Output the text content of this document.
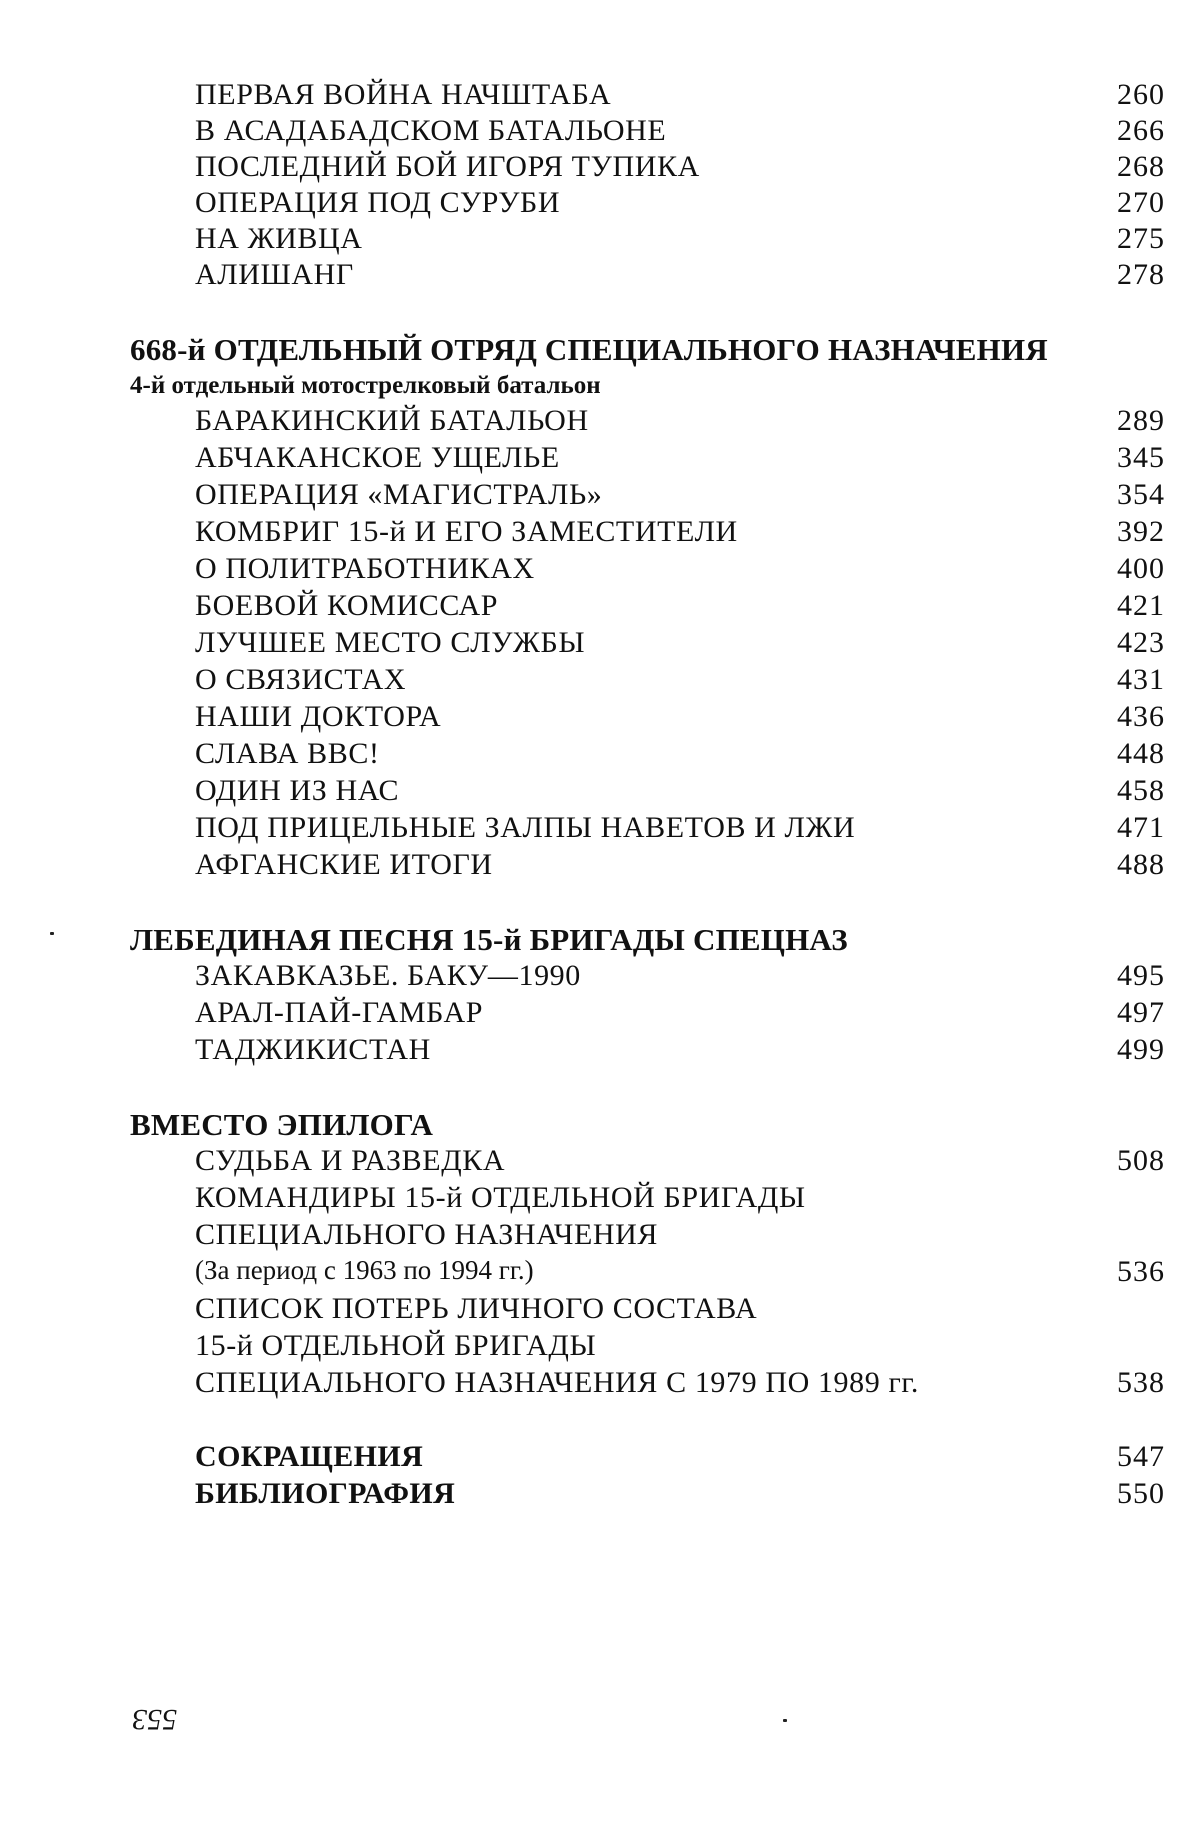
ПЕРВАЯ ВОЙНА НАЧШТАБА	260
В АСАДАБАДСКОМ БАТАЛЬОНЕ	266
ПОСЛЕДНИЙ БОЙ ИГОРЯ ТУПИКА	268
ОПЕРАЦИЯ ПОД СУРУБИ	270
НА ЖИВЦА	275
АЛИШАНГ	278
668-й ОТДЕЛЬНЫЙ ОТРЯД СПЕЦИАЛЬНОГО НАЗНАЧЕНИЯ
4-й отдельный мотострелковый батальон
БАРАКИНСКИЙ БАТАЛЬОН	289
АБЧАКАНСКОЕ УЩЕЛЬЕ	345
ОПЕРАЦИЯ «МАГИСТРАЛЬ»	354
КОМБРИГ 15-й И ЕГО ЗАМЕСТИТЕЛИ	392
О ПОЛИТРАБОТНИКАХ	400
БОЕВОЙ КОМИССАР	421
ЛУЧШЕЕ МЕСТО СЛУЖБЫ	423
О СВЯЗИСТАХ	431
НАШИ ДОКТОРА	436
СЛАВА ВВС!	448
ОДИН ИЗ НАС	458
ПОД ПРИЦЕЛЬНЫЕ ЗАЛПЫ НАВЕТОВ И ЛЖИ	471
АФГАНСКИЕ ИТОГИ	488
ЛЕБЕДИНАЯ ПЕСНЯ 15-й БРИГАДЫ СПЕЦНАЗ
ЗАКАВКАЗЬЕ. БАКУ—1990	495
АРАЛ-ПАЙ-ГАМБАР	497
ТАДЖИКИСТАН	499
ВМЕСТО ЭПИЛОГА
СУДЬБА И РАЗВЕДКА	508
КОМАНДИРЫ 15-й ОТДЕЛЬНОЙ БРИГАДЫ
СПЕЦИАЛЬНОГО НАЗНАЧЕНИЯ
(За период с 1963 по 1994 гг.)	536
СПИСОК ПОТЕРЬ ЛИЧНОГО СОСТАВА
15-й ОТДЕЛЬНОЙ БРИГАДЫ
СПЕЦИАЛЬНОГО НАЗНАЧЕНИЯ С 1979 ПО 1989 гг.	538
СОКРАЩЕНИЯ	547
БИБЛИОГРАФИЯ	550
553
